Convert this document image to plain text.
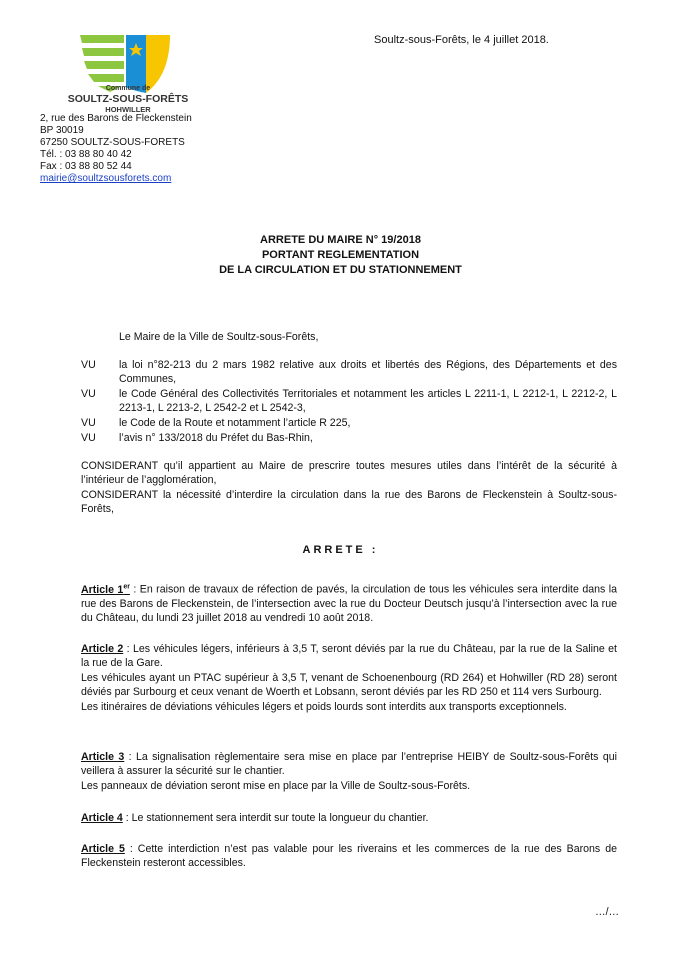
Commune de
SOULTZ-SOUS-FORÊTS
HOHWILLER
2, rue des Barons de Fleckenstein
BP 30019
67250 SOULTZ-SOUS-FORETS
Tél. : 03 88 80 40 42
Fax : 03 88 80 52 44
mairie@soultzsousforets.com
Soultz-sous-Forêts, le 4 juillet 2018.
ARRETE DU MAIRE N° 19/2018
PORTANT REGLEMENTATION
DE LA CIRCULATION ET DU STATIONNEMENT
Le Maire de la Ville de Soultz-sous-Forêts,
VU	la loi n°82-213 du 2 mars 1982 relative aux droits et libertés des Régions, des Départements et des Communes,
VU	le Code Général des Collectivités Territoriales et notamment les articles L 2211-1, L 2212-1, L 2212-2, L 2213-1, L 2213-2, L 2542-2 et L 2542-3,
VU	le Code de la Route et notamment l’article R 225,
VU	l’avis n° 133/2018 du Préfet du Bas-Rhin,
CONSIDERANT qu’il appartient au Maire de prescrire toutes mesures utiles dans l’intérêt de la sécurité à l’intérieur de l’agglomération,
CONSIDERANT la nécessité d’interdire la circulation dans la rue des Barons de Fleckenstein à Soultz-sous-Forêts,
ARRETE :
Article 1er : En raison de travaux de réfection de pavés, la circulation de tous les véhicules sera interdite dans la rue des Barons de Fleckenstein, de l’intersection avec la rue du Docteur Deutsch jusqu’à l’intersection avec la rue du Château, du lundi 23 juillet 2018 au vendredi 10 août 2018.
Article 2 : Les véhicules légers, inférieurs à 3,5 T, seront déviés par la rue du Château, par la rue de la Saline et la rue de la Gare.
Les véhicules ayant un PTAC supérieur à 3,5 T, venant de Schoenenbourg (RD 264) et Hohwiller (RD 28) seront déviés par Surbourg et ceux venant de Woerth et Lobsann, seront déviés par les RD 250 et 114 vers Surbourg.
Les itinéraires de déviations véhicules légers et poids lourds sont interdits aux transports exceptionnels.
Article 3 : La signalisation règlementaire sera mise en place par l’entreprise HEIBY de Soultz-sous-Forêts qui veillera à assurer la sécurité sur le chantier.
Les panneaux de déviation seront mise en place par la Ville de Soultz-sous-Forêts.
Article 4 : Le stationnement sera interdit sur toute la longueur du chantier.
Article 5 : Cette interdiction n’est pas valable pour les riverains et les commerces de la rue des Barons de Fleckenstein resteront accessibles.
…/…
